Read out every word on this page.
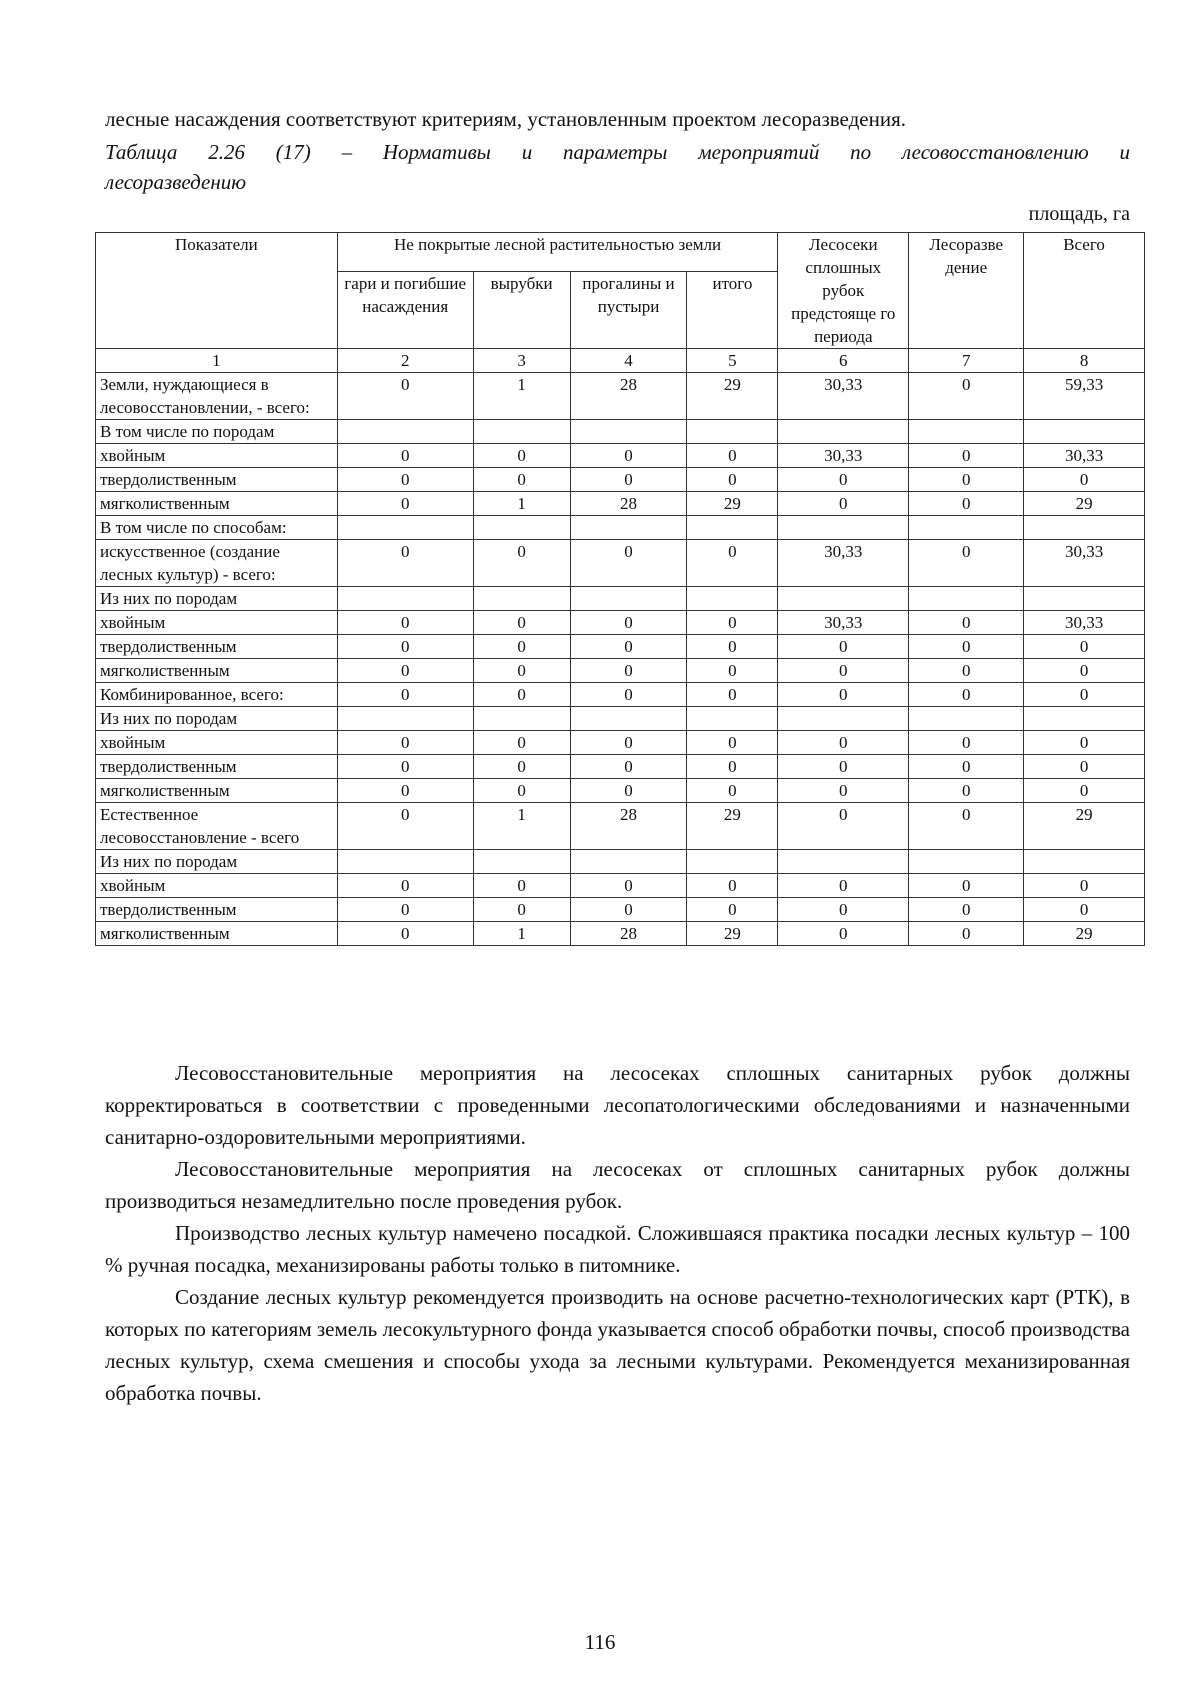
лесные насаждения соответствуют критериям, установленным проектом лесоразведения.
Таблица 2.26 (17) – Нормативы и параметры мероприятий по лесовосстановлению и
лесоразведению
площадь, га
Показатели	Не покрытые лесной растительностью земли				Лесосеки сплошных рубок предстояще го периода	Лесоразве дение	Всего
	гари и погибшие насаждения	вырубки	прогалины и пустыри	итого			
1	2	3	4	5	6	7	8
Земли, нуждающиеся в лесовосстановлении, - всего:	0	1	28	29	30,33	0	59,33
В том числе по породам							
хвойным	0	0	0	0	30,33	0	30,33
твердолиственным	0	0	0	0	0	0	0
мягколиственным	0	1	28	29	0	0	29
В том числе по способам:							
искусственное (создание лесных культур) - всего:	0	0	0	0	30,33	0	30,33
Из них по породам							
хвойным	0	0	0	0	30,33	0	30,33
твердолиственным	0	0	0	0	0	0	0
мягколиственным	0	0	0	0	0	0	0
Комбинированное, всего:	0	0	0	0	0	0	0
Из них по породам							
хвойным	0	0	0	0	0	0	0
твердолиственным	0	0	0	0	0	0	0
мягколиственным	0	0	0	0	0	0	0
Естественное лесовосстановление - всего	0	1	28	29	0	0	29
Из них по породам							
хвойным	0	0	0	0	0	0	0
твердолиственным	0	0	0	0	0	0	0
мягколиственным	0	1	28	29	0	0	29
Лесовосстановительные мероприятия на лесосеках сплошных санитарных рубок должны корректироваться в соответствии с проведенными лесопатологическими обследованиями и назначенными санитарно-оздоровительными мероприятиями.
Лесовосстановительные мероприятия на лесосеках от сплошных санитарных рубок должны производиться незамедлительно после проведения рубок.
Производство лесных культур намечено посадкой. Сложившаяся практика посадки лесных культур – 100 % ручная посадка, механизированы работы только в питомнике.
Создание лесных культур рекомендуется производить на основе расчетно-технологических карт (РТК), в которых по категориям земель лесокультурного фонда указывается способ обработки почвы, способ производства лесных культур, схема смешения и способы ухода за лесными культурами. Рекомендуется механизированная обработка почвы.
116
